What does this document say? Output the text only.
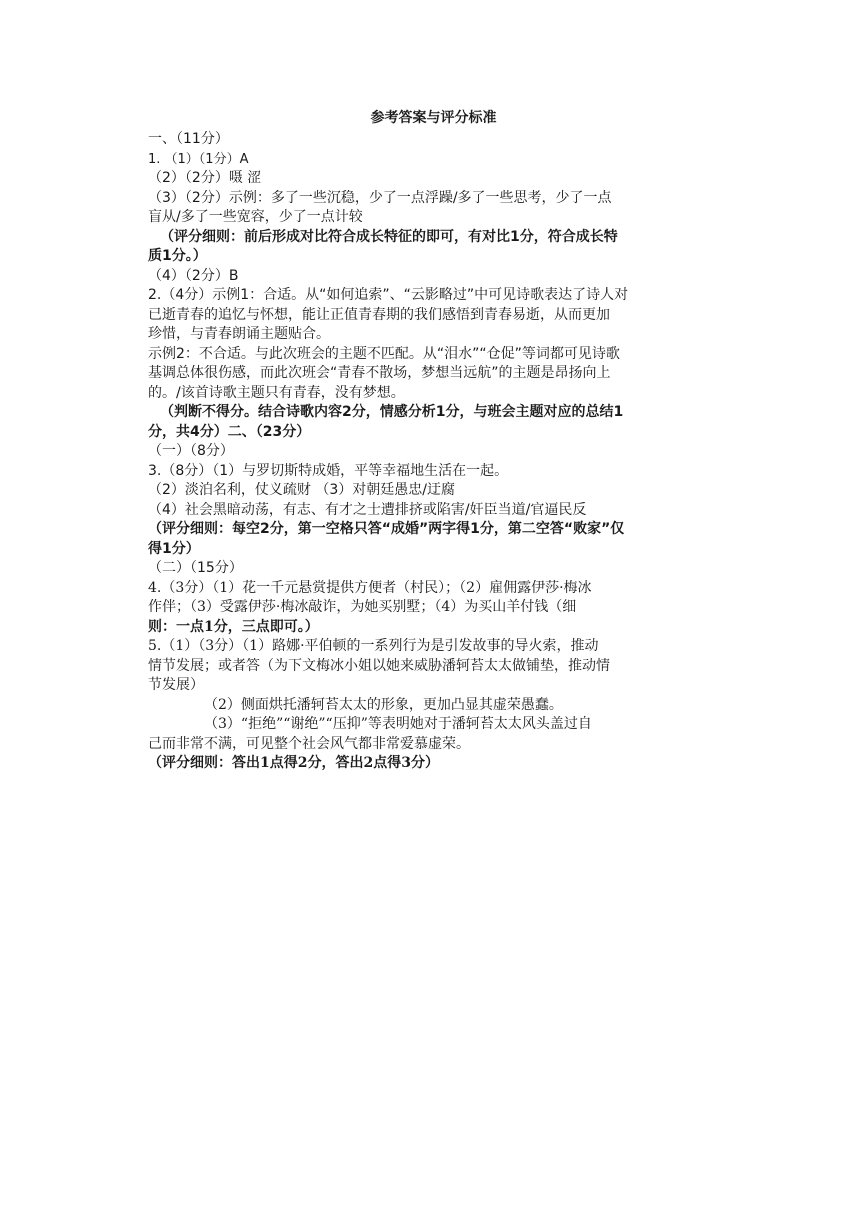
参考答案与评分标准
一、（11分）
1. （1）（1分）A
（2）（2分）嗫 涩
（3）（2分）示例：多了一些沉稳，少了一点浮躁/多了一些思考，少了一点
盲从/多了一些宽容，少了一点计较
（评分细则：前后形成对比符合成长特征的即可，有对比1分，符合成长特
质1分。）
（4）（2分）B
2.（4分）示例1：合适。从“如何追索”、“云影略过”中可见诗歌表达了诗人对
已逝青春的追忆与怀想，能让正值青春期的我们感悟到青春易逝，从而更加
珍惜，与青春朗诵主题贴合。
示例2：不合适。与此次班会的主题不匹配。从“泪水”“仓促”等词都可见诗歌
基调总体很伤感，而此次班会“青春不散场，梦想当远航”的主题是昂扬向上
的。/该首诗歌主题只有青春，没有梦想。
（判断不得分。结合诗歌内容2分，情感分析1分，与班会主题对应的总结1
分，共4分）二、（23分）
（一）（8分）
3.（8分）（1）与罗切斯特成婚，平等幸福地生活在一起。
（2）淡泊名利，仗义疏财 （3）对朝廷愚忠/迂腐
（4）社会黑暗动荡，有志、有才之士遭排挤或陷害/奸臣当道/官逼民反
（评分细则：每空2分，第一空格只答“成婚”两字得1分，第二空答“败家”仅
得1分）
（二）（15分）
4.（3分）（1）花一千元悬赏提供方便者（村民）；（2）雇佣露伊莎·梅冰
作伴；（3）受露伊莎·梅冰敲诈，为她买别墅；（4）为买山羊付钱（细
则：一点1分，三点即可。）
5.（1）（3分）（1）路娜·平伯顿的一系列行为是引发故事的导火索，推动
情节发展；或者答（为下文梅冰小姐以她来威胁潘轲苔太太做铺垫，推动情
节发展）
（2）侧面烘托潘轲苔太太的形象，更加凸显其虚荣愚蠢。
（3）“拒绝”“谢绝”“压抑”等表明她对于潘轲苔太太风头盖过自
己而非常不满，可见整个社会风气都非常爱慕虚荣。
（评分细则：答出1点得2分，答出2点得3分）
